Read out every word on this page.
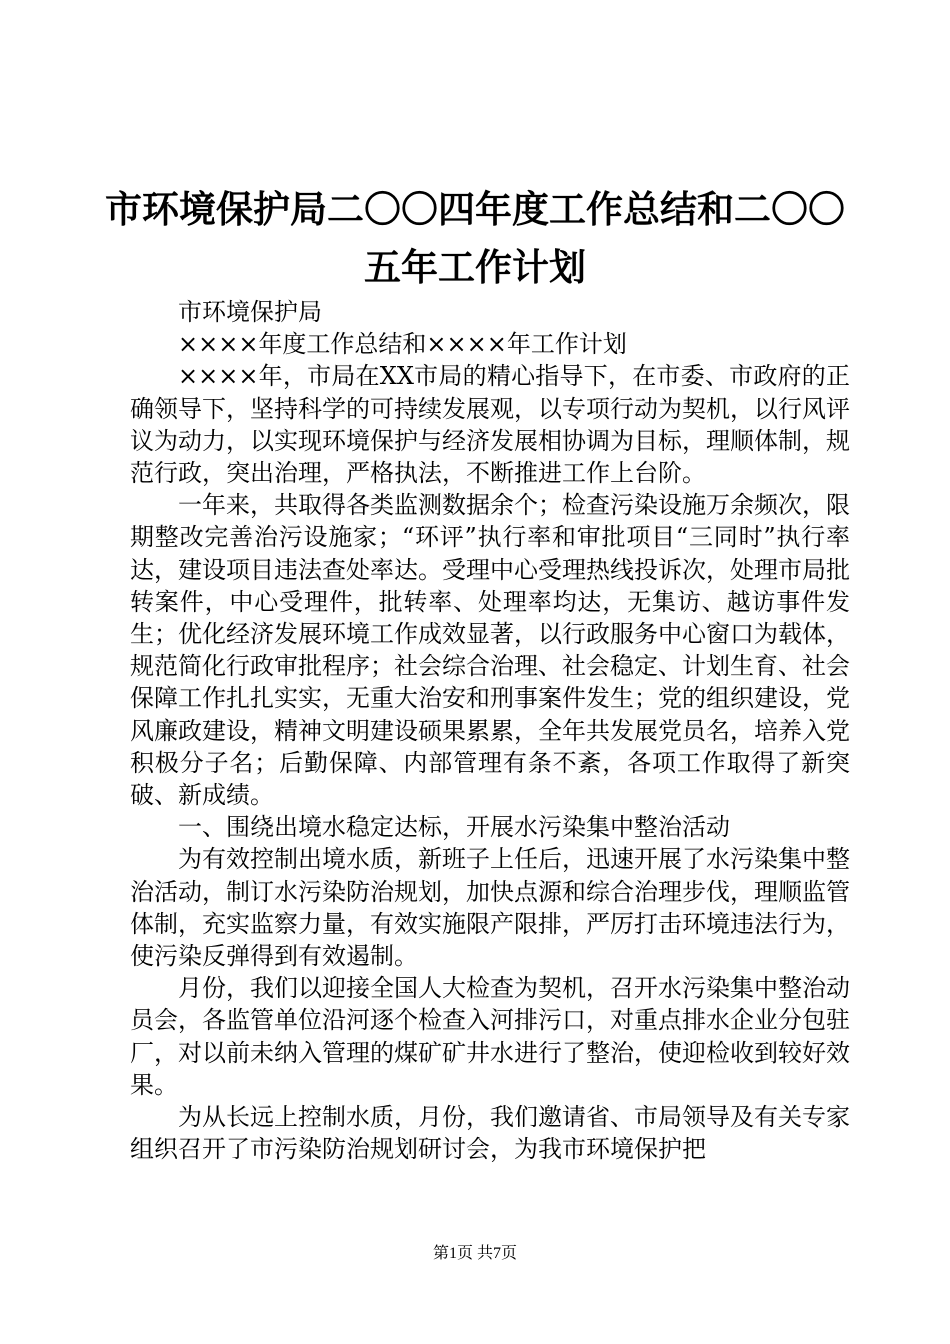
市环境保护局二〇〇四年度工作总结和二〇〇
五年工作计划

市环境保护局

××××年度工作总结和××××年工作计划

××××年，市局在XX市局的精心指导下，在市委、市政府的正确领导下，坚持科学的可持续发展观，以专项行动为契机，以行风评议为动力，以实现环境保护与经济发展相协调为目标，理顺体制，规范行政，突出治理，严格执法，不断推进工作上台阶。

一年来，共取得各类监测数据余个；检查污染设施万余频次，限期整改完善治污设施家；“环评”执行率和审批项目“三同时”执行率达，建设项目违法查处率达。受理中心受理热线投诉次，处理市局批转案件，中心受理件，批转率、处理率均达，无集访、越访事件发生；优化经济发展环境工作成效显著，以行政服务中心窗口为载体，规范简化行政审批程序；社会综合治理、社会稳定、计划生育、社会保障工作扎扎实实，无重大治安和刑事案件发生；党的组织建设，党风廉政建设，精神文明建设硕果累累，全年共发展党员名，培养入党积极分子名；后勤保障、内部管理有条不紊，各项工作取得了新突破、新成绩。

一、围绕出境水稳定达标，开展水污染集中整治活动

为有效控制出境水质，新班子上任后，迅速开展了水污染集中整治活动，制订水污染防治规划，加快点源和综合治理步伐，理顺监管体制，充实监察力量，有效实施限产限排，严厉打击环境违法行为，使污染反弹得到有效遏制。

月份，我们以迎接全国人大检查为契机，召开水污染集中整治动员会，各监管单位沿河逐个检查入河排污口，对重点排水企业分包驻厂，对以前未纳入管理的煤矿矿井水进行了整治，使迎检收到较好效果。

为从长远上控制水质，月份，我们邀请省、市局领导及有关专家组织召开了市污染防治规划研讨会，为我市环境保护把

第1页 共7页
